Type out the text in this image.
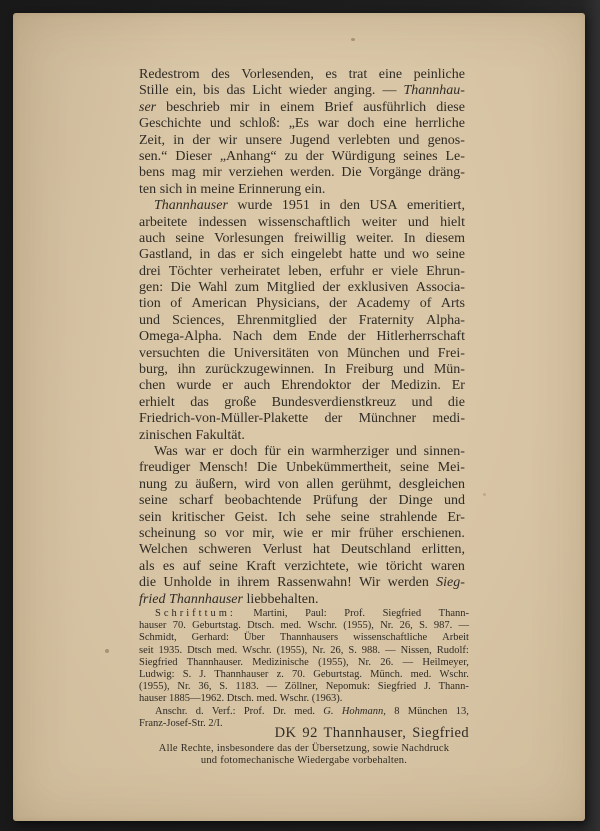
Redestrom des Vorlesenden, es trat eine peinliche
Stille ein, bis das Licht wieder anging. — Thannhau-
ser beschrieb mir in einem Brief ausführlich diese
Geschichte und schloß: „Es war doch eine herrliche
Zeit, in der wir unsere Jugend verlebten und genos-
sen.“ Dieser „Anhang“ zu der Würdigung seines Le-
bens mag mir verziehen werden. Die Vorgänge dräng-
ten sich in meine Erinnerung ein.
Thannhauser wurde 1951 in den USA emeritiert,
arbeitete indessen wissenschaftlich weiter und hielt
auch seine Vorlesungen freiwillig weiter. In diesem
Gastland, in das er sich eingelebt hatte und wo seine
drei Töchter verheiratet leben, erfuhr er viele Ehrun-
gen: Die Wahl zum Mitglied der exklusiven Associa-
tion of American Physicians, der Academy of Arts
und Sciences, Ehrenmitglied der Fraternity Alpha-
Omega-Alpha. Nach dem Ende der Hitlerherrschaft
versuchten die Universitäten von München und Frei-
burg, ihn zurückzugewinnen. In Freiburg und Mün-
chen wurde er auch Ehrendoktor der Medizin. Er
erhielt das große Bundesverdienstkreuz und die
Friedrich-von-Müller-Plakette der Münchner medi-
zinischen Fakultät.
Was war er doch für ein warmherziger und sinnen-
freudiger Mensch! Die Unbekümmertheit, seine Mei-
nung zu äußern, wird von allen gerühmt, desgleichen
seine scharf beobachtende Prüfung der Dinge und
sein kritischer Geist. Ich sehe seine strahlende Er-
scheinung so vor mir, wie er mir früher erschienen.
Welchen schweren Verlust hat Deutschland erlitten,
als es auf seine Kraft verzichtete, wie töricht waren
die Unholde in ihrem Rassenwahn! Wir werden Sieg-
fried Thannhauser liebbehalten.
Schrifttum: Martini, Paul: Prof. Siegfried Thann-
hauser 70. Geburtstag. Dtsch. med. Wschr. (1955), Nr. 26, S. 987. —
Schmidt, Gerhard: Über Thannhausers wissenschaftliche Arbeit
seit 1935. Dtsch med. Wschr. (1955), Nr. 26, S. 988. — Nissen, Rudolf:
Siegfried Thannhauser. Medizinische (1955), Nr. 26. — Heilmeyer,
Ludwig: S. J. Thannhauser z. 70. Geburtstag. Münch. med. Wschr.
(1955), Nr. 36, S. 1183. — Zöllner, Nepomuk: Siegfried J. Thann-
hauser 1885—1962. Dtsch. med. Wschr. (1963).
Anschr. d. Verf.: Prof. Dr. med. G. Hohmann, 8 München 13,
Franz-Josef-Str. 2/I.
DK 92 Thannhauser, Siegfried
Alle Rechte, insbesondere das der Übersetzung, sowie Nachdruck
und fotomechanische Wiedergabe vorbehalten.
